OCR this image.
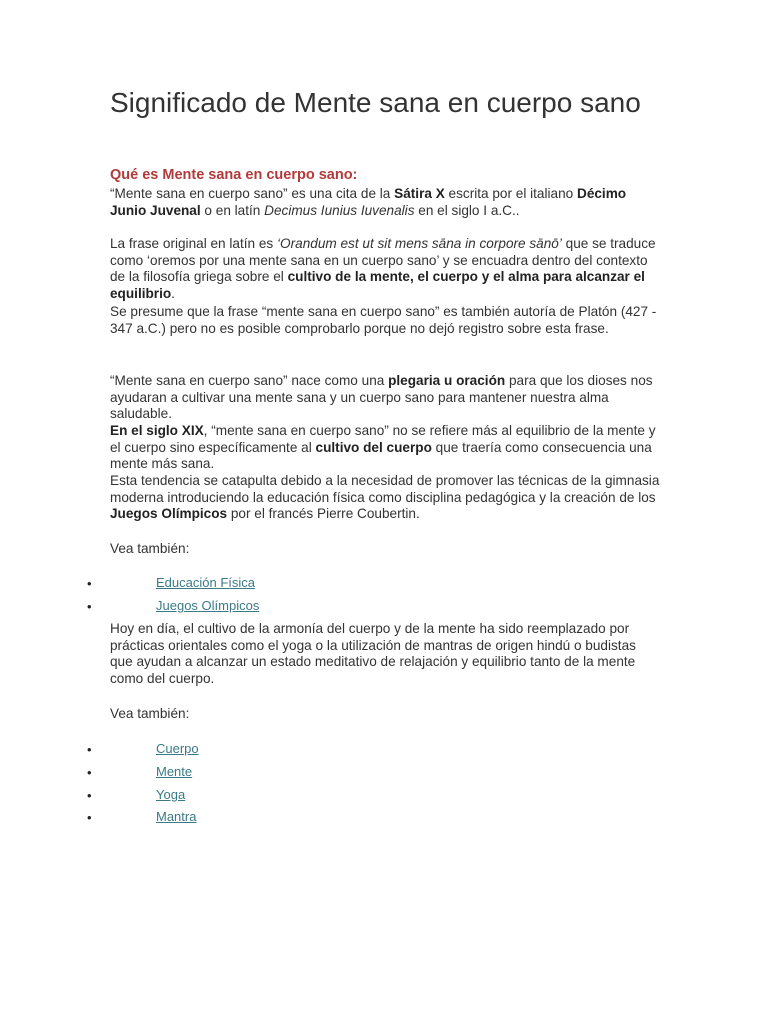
Significado de Mente sana en cuerpo sano
Qué es Mente sana en cuerpo sano:

“Mente sana en cuerpo sano” es una cita de la Sátira X escrita por el italiano Décimo Junio Juvenal o en latín Decimus Iunius Iuvenalis en el siglo I a.C..

La frase original en latín es ‘Orandum est ut sit mens sāna in corpore sānō’ que se traduce como ‘oremos por una mente sana en un cuerpo sano’ y se encuadra dentro del contexto de la filosofía griega sobre el cultivo de la mente, el cuerpo y el alma para alcanzar el equilibrio.

Se presume que la frase “mente sana en cuerpo sano” es también autoría de Platón (427 - 347 a.C.) pero no es posible comprobarlo porque no dejó registro sobre esta frase.

“Mente sana en cuerpo sano” nace como una plegaria u oración para que los dioses nos ayudaran a cultivar una mente sana y un cuerpo sano para mantener nuestra alma saludable.

En el siglo XIX, “mente sana en cuerpo sano” no se refiere más al equilibrio de la mente y el cuerpo sino específicamente al cultivo del cuerpo que traería como consecuencia una mente más sana.

Esta tendencia se catapulta debido a la necesidad de promover las técnicas de la gimnasia moderna introduciendo la educación física como disciplina pedagógica y la creación de los Juegos Olímpicos por el francés Pierre Coubertin.

Vea también:

•	Educación Física
•	Juegos Olímpicos

Hoy en día, el cultivo de la armonía del cuerpo y de la mente ha sido reemplazado por prácticas orientales como el yoga o la utilización de mantras de origen hindú o budistas que ayudan a alcanzar un estado meditativo de relajación y equilibrio tanto de la mente como del cuerpo.

Vea también:

•	Cuerpo
•	Mente
•	Yoga
•	Mantra
